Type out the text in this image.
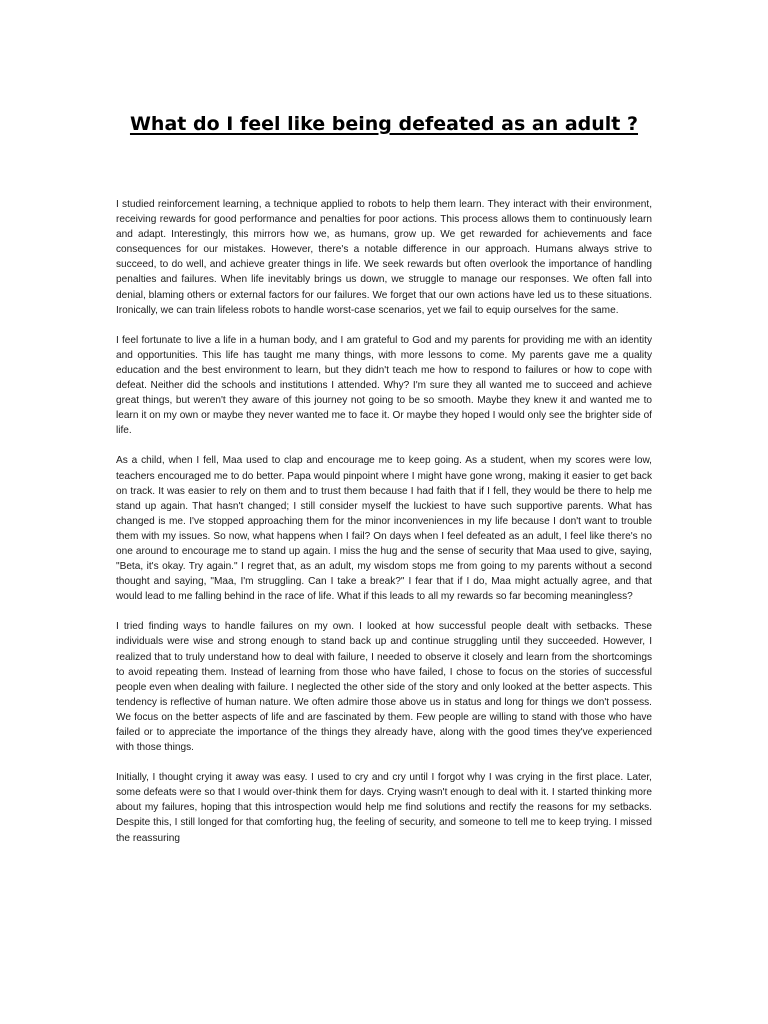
What do I feel like being defeated as an adult ?

I studied reinforcement learning, a technique applied to robots to help them learn. They interact with their environment, receiving rewards for good performance and penalties for poor actions. This process allows them to continuously learn and adapt. Interestingly, this mirrors how we, as humans, grow up. We get rewarded for achievements and face consequences for our mistakes. However, there's a notable difference in our approach. Humans always strive to succeed, to do well, and achieve greater things in life. We seek rewards but often overlook the importance of handling penalties and failures. When life inevitably brings us down, we struggle to manage our responses. We often fall into denial, blaming others or external factors for our failures. We forget that our own actions have led us to these situations. Ironically, we can train lifeless robots to handle worst-case scenarios, yet we fail to equip ourselves for the same.

I feel fortunate to live a life in a human body, and I am grateful to God and my parents for providing me with an identity and opportunities. This life has taught me many things, with more lessons to come. My parents gave me a quality education and the best environment to learn, but they didn't teach me how to respond to failures or how to cope with defeat. Neither did the schools and institutions I attended. Why? I'm sure they all wanted me to succeed and achieve great things, but weren't they aware of this journey not going to be so smooth. Maybe they knew it and wanted me to learn it on my own or maybe they never wanted me to face it. Or maybe they hoped I would only see the brighter side of life.

As a child, when I fell, Maa used to clap and encourage me to keep going. As a student, when my scores were low, teachers encouraged me to do better. Papa would pinpoint where I might have gone wrong, making it easier to get back on track. It was easier to rely on them and to trust them because I had faith that if I fell, they would be there to help me stand up again. That hasn't changed; I still consider myself the luckiest to have such supportive parents. What has changed is me. I've stopped approaching them for the minor inconveniences in my life because I don't want to trouble them with my issues. So now, what happens when I fail? On days when I feel defeated as an adult, I feel like there's no one around to encourage me to stand up again. I miss the hug and the sense of security that Maa used to give, saying, "Beta, it's okay. Try again." I regret that, as an adult, my wisdom stops me from going to my parents without a second thought and saying, "Maa, I'm struggling. Can I take a break?" I fear that if I do, Maa might actually agree, and that would lead to me falling behind in the race of life. What if this leads to all my rewards so far becoming meaningless?

I tried finding ways to handle failures on my own. I looked at how successful people dealt with setbacks. These individuals were wise and strong enough to stand back up and continue struggling until they succeeded. However, I realized that to truly understand how to deal with failure, I needed to observe it closely and learn from the shortcomings to avoid repeating them. Instead of learning from those who have failed, I chose to focus on the stories of successful people even when dealing with failure. I neglected the other side of the story and only looked at the better aspects. This tendency is reflective of human nature. We often admire those above us in status and long for things we don't possess. We focus on the better aspects of life and are fascinated by them. Few people are willing to stand with those who have failed or to appreciate the importance of the things they already have, along with the good times they've experienced with those things.

Initially, I thought crying it away was easy. I used to cry and cry until I forgot why I was crying in the first place. Later, some defeats were so that I would over-think them for days. Crying wasn't enough to deal with it. I started thinking more about my failures, hoping that this introspection would help me find solutions and rectify the reasons for my setbacks. Despite this, I still longed for that comforting hug, the feeling of security, and someone to tell me to keep trying. I missed the reassuring
